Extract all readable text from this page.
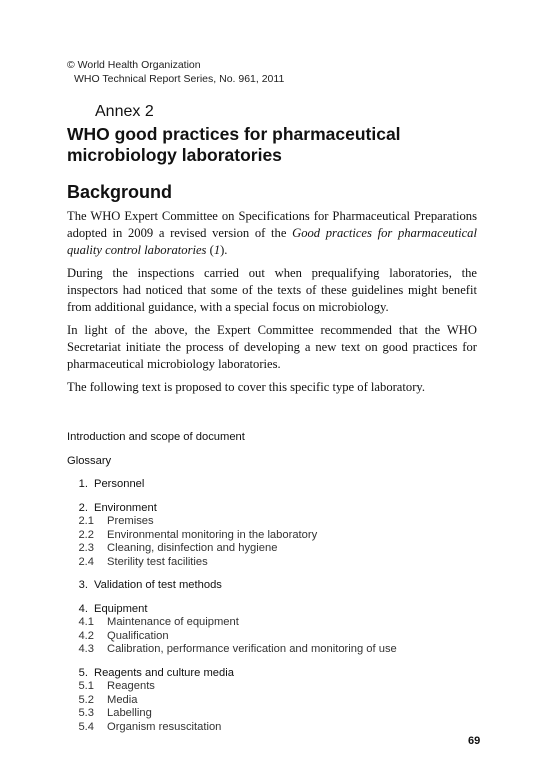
© World Health Organization
WHO Technical Report Series, No. 961, 2011
Annex 2
WHO good practices for pharmaceutical
microbiology laboratories
Background

The WHO Expert Committee on Specifications for Pharmaceutical Preparations adopted in 2009 a revised version of the Good practices for pharmaceutical quality control laboratories (1).

During the inspections carried out when prequalifying laboratories, the inspectors had noticed that some of the texts of these guidelines might benefit from additional guidance, with a special focus on microbiology.

In light of the above, the Expert Committee recommended that the WHO Secretariat initiate the process of developing a new text on good practices for pharmaceutical microbiology laboratories.

The following text is proposed to cover this specific type of laboratory.

Introduction and scope of document
Glossary
1. Personnel
2. Environment
2.1 Premises
2.2 Environmental monitoring in the laboratory
2.3 Cleaning, disinfection and hygiene
2.4 Sterility test facilities
3. Validation of test methods
4. Equipment
4.1 Maintenance of equipment
4.2 Qualification
4.3 Calibration, performance verification and monitoring of use
5. Reagents and culture media
5.1 Reagents
5.2 Media
5.3 Labelling
5.4 Organism resuscitation
69
